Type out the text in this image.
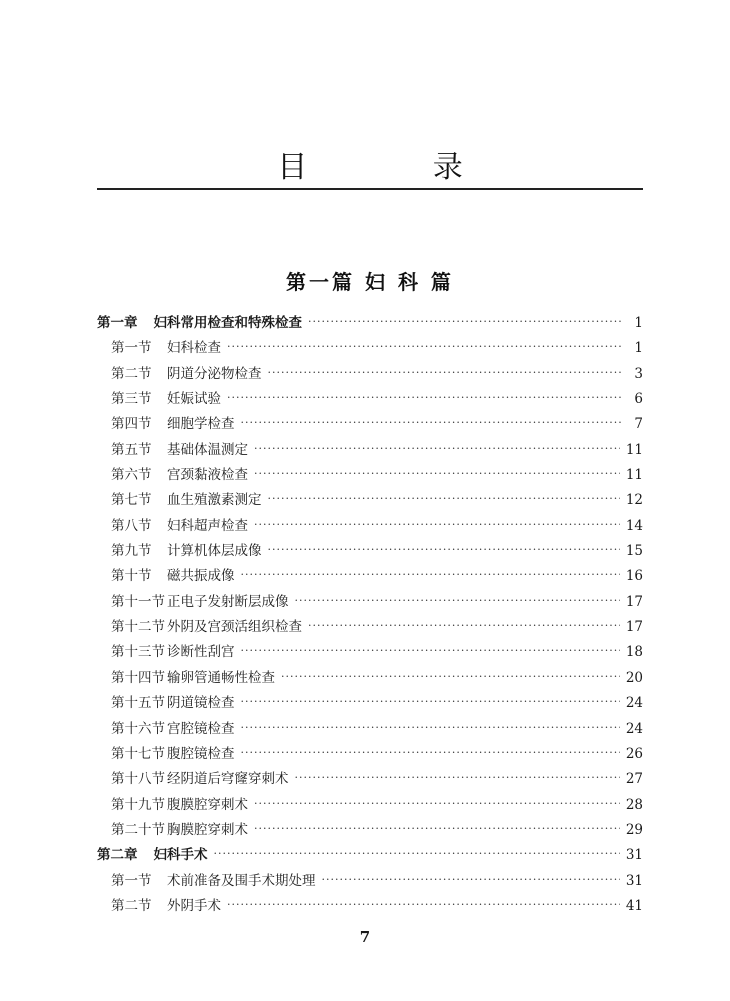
目 录
第一篇 妇 科 篇
第一章 妇科常用检查和特殊检查 ·····	1
第一节	妇科检查 ·····	1
第二节	阴道分泌物检查 ·····	3
第三节	妊娠试验 ·····	6
第四节	细胞学检查 ·····	7
第五节	基础体温测定 ·····	11
第六节	宫颈黏液检查 ·····	11
第七节	血生殖激素测定 ·····	12
第八节	妇科超声检查 ·····	14
第九节	计算机体层成像 ·····	15
第十节	磁共振成像 ·····	16
第十一节 正电子发射断层成像 ·····	17
第十二节 外阴及宫颈活组织检查 ·····	17
第十三节 诊断性刮宫 ·····	18
第十四节 输卵管通畅性检查 ·····	20
第十五节 阴道镜检查 ·····	24
第十六节 宫腔镜检查 ·····	24
第十七节 腹腔镜检查 ·····	26
第十八节 经阴道后穹窿穿刺术 ·····	27
第十九节 腹膜腔穿刺术 ·····	28
第二十节 胸膜腔穿刺术 ·····	29
第二章 妇科手术 ·····	31
第一节	术前准备及围手术期处理 ·····	31
第二节	外阴手术 ·····	41
7
